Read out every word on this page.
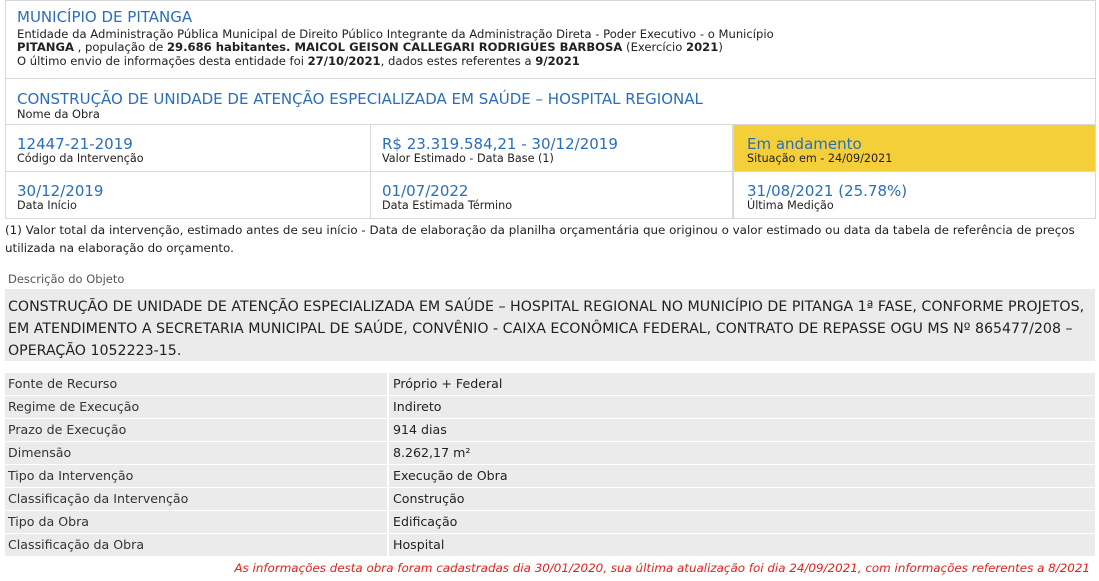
MUNICÍPIO DE PITANGA
Entidade da Administração Pública Municipal de Direito Público Integrante da Administração Direta - Poder Executivo - o Município
PITANGA , população de 29.686 habitantes. MAICOL GEISON CALLEGARI RODRIGUES BARBOSA (Exercício 2021)
O último envio de informações desta entidade foi 27/10/2021, dados estes referentes a 9/2021
CONSTRUÇÃO DE UNIDADE DE ATENÇÃO ESPECIALIZADA EM SAÚDE – HOSPITAL REGIONAL
Nome da Obra
12447-21-2019
Código da Intervenção
R$ 23.319.584,21 - 30/12/2019
Valor Estimado - Data Base (1)
Em andamento
Situação em - 24/09/2021
30/12/2019
Data Início
01/07/2022
Data Estimada Término
31/08/2021 (25.78%)
Última Medição
(1) Valor total da intervenção, estimado antes de seu início - Data de elaboração da planilha orçamentária que originou o valor estimado ou data da tabela de referência de preços utilizada na elaboração do orçamento.
Descrição do Objeto
CONSTRUÇÃO DE UNIDADE DE ATENÇÃO ESPECIALIZADA EM SAÚDE – HOSPITAL REGIONAL NO MUNICÍPIO DE PITANGA 1ª FASE, CONFORME PROJETOS, EM ATENDIMENTO A SECRETARIA MUNICIPAL DE SAÚDE, CONVÊNIO - CAIXA ECONÔMICA FEDERAL, CONTRATO DE REPASSE OGU MS Nº 865477/208 – OPERAÇÃO 1052223-15.
Fonte de Recurso	Próprio + Federal
Regime de Execução	Indireto
Prazo de Execução	914 dias
Dimensão	8.262,17 m²
Tipo da Intervenção	Execução de Obra
Classificação da Intervenção	Construção
Tipo da Obra	Edificação
Classificação da Obra	Hospital
As informações desta obra foram cadastradas dia 30/01/2020, sua última atualização foi dia 24/09/2021, com informações referentes a 8/2021
